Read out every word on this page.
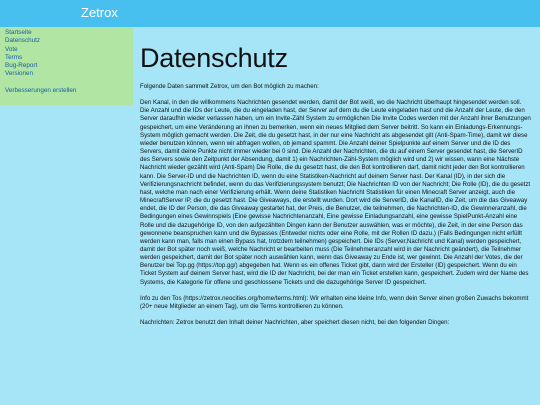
Zetrox
Startseite
Datenschutz
Vote
Terms
Bug-Report
Versionen
Verbesserungen erstellen
Datenschutz

Folgende Daten sammelt Zetrox, um den Bot möglich zu machen:

Den Kanal, in den die willkommens Nachrichten gesendet werden, damit der Bot weiß, wo die Nachricht überhaupt hingesendet werden soll. Die Anzahl und die IDs der Leute, die du eingeladen hast, der Server auf dem du die Leute eingeladen hast und die Anzahl der Leute, die den Server daraufhin wieder verlassen haben, um ein Invite-Zähl System zu ermöglichen Die Invite Codes werden mit der Anzahl ihrer Benutzungen gespeichert, um eine Veränderung an ihnen zu bemerken, wenn ein neues Mitglied dem Server beitritt. So kann ein Einladungs-Erkennungs-System möglich gemacht werden. Die Zeit, die du gesetzt hast, in der nur eine Nachricht als abgesendet gilt (Anti-Spam-Time), damit wir diese wieder benutzen können, wenn wir abfragen wollen, ob jemand spammt. Die Anzahl deiner Spielpunkte auf einem Server und die ID des Servers, damit deine Punkte nicht immer wieder bei 0 sind. Die Anzahl der Nachrichten, die du auf einem Server gesendet hast, die ServerID des Servers sowie den Zeitpunkt der Absendung, damit 1) ein Nachrichten-Zähl-System möglich wird und 2) wir wissen, wann eine Nächste Nachricht wieder gezählt wird (Anti-Spam) Die Rolle, die du gesetzt hast, die den Bot kontrollieren darf, damit nicht jeder den Bot kontrollieren kann. Die Server-ID und die Nachrichten ID, wenn du eine Statistiken-Nachricht auf deinem Server hast. Der Kanal (ID), in der sich die Verifizierungsnachricht befindet, wenn du das Verifizierungssystem benutzt; Die Nachrichten ID von der Nachricht; Die Rolle (ID), die du gesetzt hast, welche man nach einer Verifizierung erhält. Wenn deine Statistiken Nachricht Statistiken für einen Minecraft Server anzeigt, auch die MinecraftServer IP, die du gesetzt hast. Die Giveaways, die erstellt wurden. Dort wird die ServerID, die KanalID, die Zeit, um die das Giveaway endet, die ID der Person, die das Giveaway gestartet hat, der Preis, die Benutzer, die teilnehmen, die Nachrichten-ID, die Gewinneranzahl, die Bedingungen eines Gewinnspiels (Eine gewisse Nachrichtenanzahl, Eine gewisse Einladungsanzahl, eine gewisse SpielPunkt-Anzahl eine Rolle und die dazugehörige ID, von den aufgezählten Dingen kann der Benutzer auswählen, was er möchte), die Zeit, in der eine Person das gewonnene beanspruchen kann und die Bypasses (Entweder nichts oder eine Rolle, mit der Rollen ID dazu.) (Falls Bedingungen nicht erfüllt werden kann man, falls man einen Bypass hat, trotzdem teilnehmen) gespeichert. Die IDs (Server,Nachricht und Kanal) werden gespeichert, damit der Bot später noch weiß, welche Nachricht er bearbeiten muss (Die Teilnehmeranzahl wird in der Nachricht geändert), die Teilnehmer werden gespeichert, damit der Bot später noch auswählen kann, wenn das Giveaway zu Ende ist, wer gewinnt. Die Anzahl der Votes, die der Benutzer bei Top.gg (https://top.gg/) abgegeben hat. Wenn es ein offenes Ticket gibt, dann wird der Ersteller (ID) gespeichert. Wenn du ein Ticket System auf deinem Server hast, wird die ID der Nachricht, bei der man ein Ticket erstellen kann, gespeichert. Zudem wird der Name des Systems, die Kategorie für offene und geschlossene Tickets und die dazugehörige Server ID gespeichert.

Info zu den Tos (https://zetrox.neocities.org/home/terms.html): Wir erhalten eine kleine Info, wenn dein Server einen großen Zuwachs bekommt (20+ neue Mitglieder an einem Tag), um die Terms kontrollieren zu können.

Nachrichten: Zetrox benutzt den Inhalt deiner Nachrichten, aber speichert diesen nicht, bei den folgenden Dingen:
